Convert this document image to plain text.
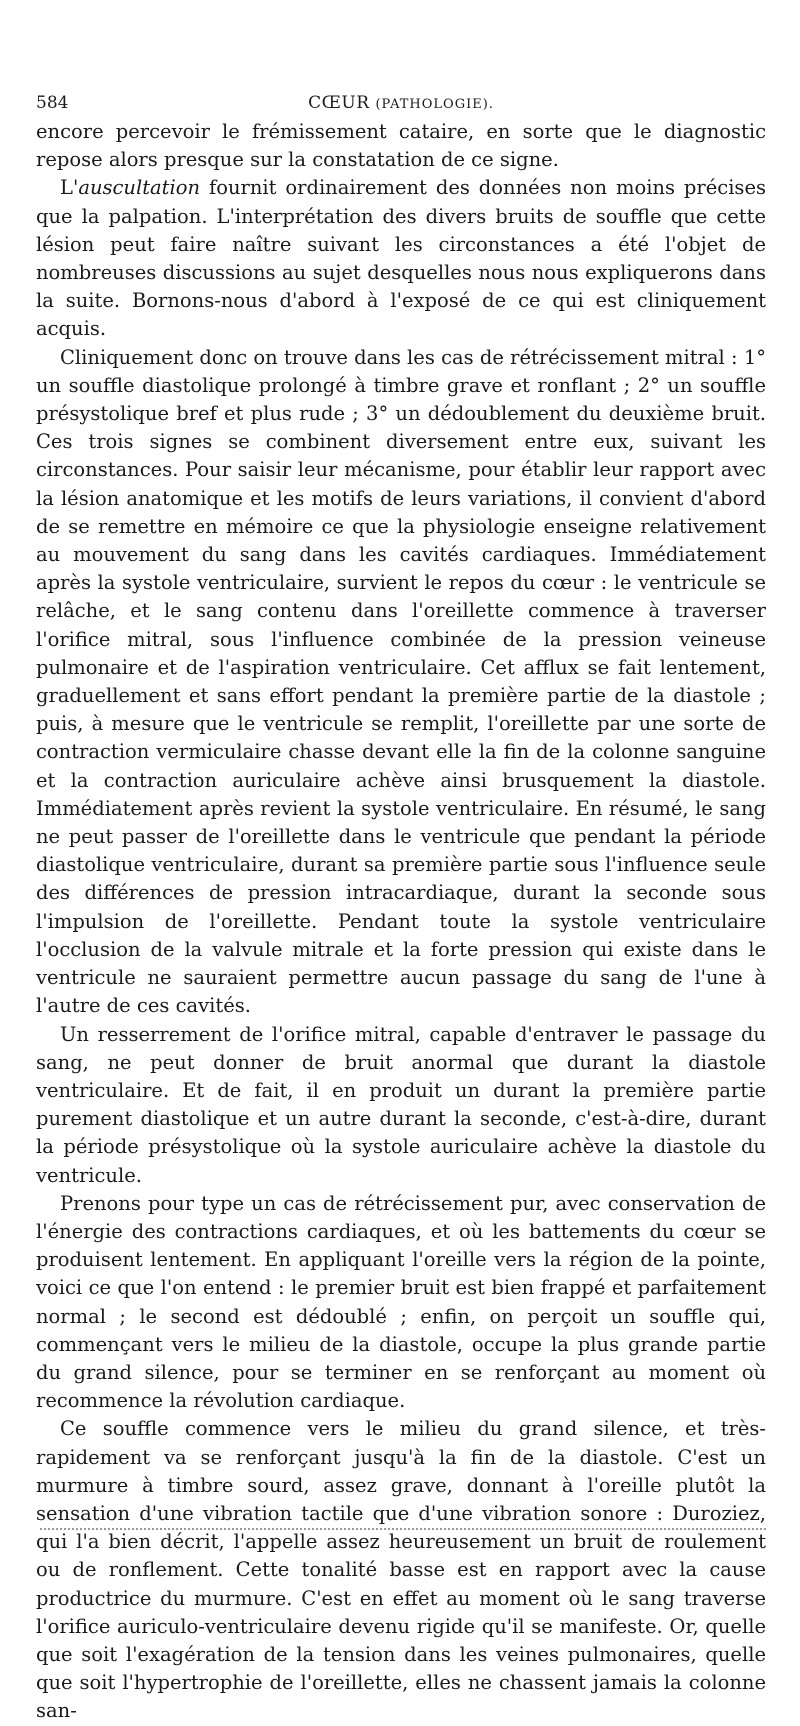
584	CŒUR (PATHOLOGIE).

encore percevoir le frémissement cataire, en sorte que le diagnostic repose alors presque sur la constatation de ce signe.

L'auscultation fournit ordinairement des données non moins précises que la palpation. L'interprétation des divers bruits de souffle que cette lésion peut faire naître suivant les circonstances a été l'objet de nombreuses discussions au sujet desquelles nous nous expliquerons dans la suite. Bornons-nous d'abord à l'exposé de ce qui est cliniquement acquis.

Cliniquement donc on trouve dans les cas de rétrécissement mitral : 1° un souffle diastolique prolongé à timbre grave et ronflant ; 2° un souffle présystolique bref et plus rude ; 3° un dédoublement du deuxième bruit. Ces trois signes se combinent diversement entre eux, suivant les circonstances. Pour saisir leur mécanisme, pour établir leur rapport avec la lésion anatomique et les motifs de leurs variations, il convient d'abord de se remettre en mémoire ce que la physiologie enseigne relativement au mouvement du sang dans les cavités cardiaques. Immédiatement après la systole ventriculaire, survient le repos du cœur : le ventricule se relâche, et le sang contenu dans l'oreillette commence à traverser l'orifice mitral, sous l'influence combinée de la pression veineuse pulmonaire et de l'aspiration ventriculaire. Cet afflux se fait lentement, graduellement et sans effort pendant la première partie de la diastole ; puis, à mesure que le ventricule se remplit, l'oreillette par une sorte de contraction vermiculaire chasse devant elle la fin de la colonne sanguine et la contraction auriculaire achève ainsi brusquement la diastole. Immédiatement après revient la systole ventriculaire. En résumé, le sang ne peut passer de l'oreillette dans le ventricule que pendant la période diastolique ventriculaire, durant sa première partie sous l'influence seule des différences de pression intracardiaque, durant la seconde sous l'impulsion de l'oreillette. Pendant toute la systole ventriculaire l'occlusion de la valvule mitrale et la forte pression qui existe dans le ventricule ne sauraient permettre aucun passage du sang de l'une à l'autre de ces cavités.

Un resserrement de l'orifice mitral, capable d'entraver le passage du sang, ne peut donner de bruit anormal que durant la diastole ventriculaire. Et de fait, il en produit un durant la première partie purement diastolique et un autre durant la seconde, c'est-à-dire, durant la période présystolique où la systole auriculaire achève la diastole du ventricule.

Prenons pour type un cas de rétrécissement pur, avec conservation de l'énergie des contractions cardiaques, et où les battements du cœur se produisent lentement. En appliquant l'oreille vers la région de la pointe, voici ce que l'on entend : le premier bruit est bien frappé et parfaitement normal ; le second est dédoublé ; enfin, on perçoit un souffle qui, commençant vers le milieu de la diastole, occupe la plus grande partie du grand silence, pour se terminer en se renforçant au moment où recommence la révolution cardiaque.

Ce souffle commence vers le milieu du grand silence, et très-rapidement va se renforçant jusqu'à la fin de la diastole. C'est un murmure à timbre sourd, assez grave, donnant à l'oreille plutôt la sensation d'une vibration tactile que d'une vibration sonore : Duroziez, qui l'a bien décrit, l'appelle assez heureusement un bruit de roulement ou de ronflement. Cette tonalité basse est en rapport avec la cause productrice du murmure. C'est en effet au moment où le sang traverse l'orifice auriculo-ventriculaire devenu rigide qu'il se manifeste. Or, quelle que soit l'exagération de la tension dans les veines pulmonaires, quelle que soit l'hypertrophie de l'oreillette, elles ne chassent jamais la colonne san-
